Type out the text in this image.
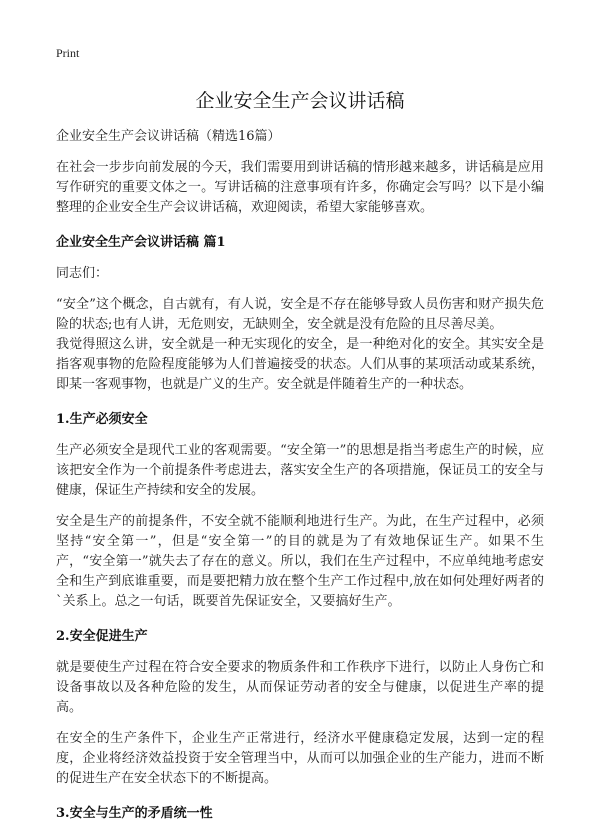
Print
企业安全生产会议讲话稿

企业安全生产会议讲话稿（精选16篇）

在社会一步步向前发展的今天，我们需要用到讲话稿的情形越来越多，讲话稿是应用写作研究的重要文体之一。写讲话稿的注意事项有许多，你确定会写吗？以下是小编整理的企业安全生产会议讲话稿，欢迎阅读，希望大家能够喜欢。

企业安全生产会议讲话稿 篇1

同志们：

“安全”这个概念，自古就有，有人说，安全是不存在能够导致人员伤害和财产损失危险的状态;也有人讲，无危则安，无缺则全，安全就是没有危险的且尽善尽美。

我觉得照这么讲，安全就是一种无实现化的安全，是一种绝对化的安全。其实安全是指客观事物的危险程度能够为人们普遍接受的状态。人们从事的某项活动或某系统，即某一客观事物，也就是广义的生产。安全就是伴随着生产的一种状态。

1.生产必须安全

生产必须安全是现代工业的客观需要。“安全第一”的思想是指当考虑生产的时候，应该把安全作为一个前提条件考虑进去，落实安全生产的各项措施，保证员工的安全与健康，保证生产持续和安全的发展。

安全是生产的前提条件，不安全就不能顺利地进行生产。为此，在生产过程中，必须坚持“安全第一”，但是“安全第一”的目的就是为了有效地保证生产。如果不生产，“安全第一”就失去了存在的意义。所以，我们在生产过程中，不应单纯地考虑安全和生产到底谁重要，而是要把精力放在整个生产工作过程中,放在如何处理好两者的`关系上。总之一句话，既要首先保证安全，又要搞好生产。

2.安全促进生产

就是要使生产过程在符合安全要求的物质条件和工作秩序下进行，以防止人身伤亡和设备事故以及各种危险的发生，从而保证劳动者的安全与健康，以促进生产率的提高。

在安全的生产条件下，企业生产正常进行，经济水平健康稳定发展，达到一定的程度，企业将经济效益投资于安全管理当中，从而可以加强企业的生产能力，进而不断的促进生产在安全状态下的不断提高。

3.安全与生产的矛盾统一性
